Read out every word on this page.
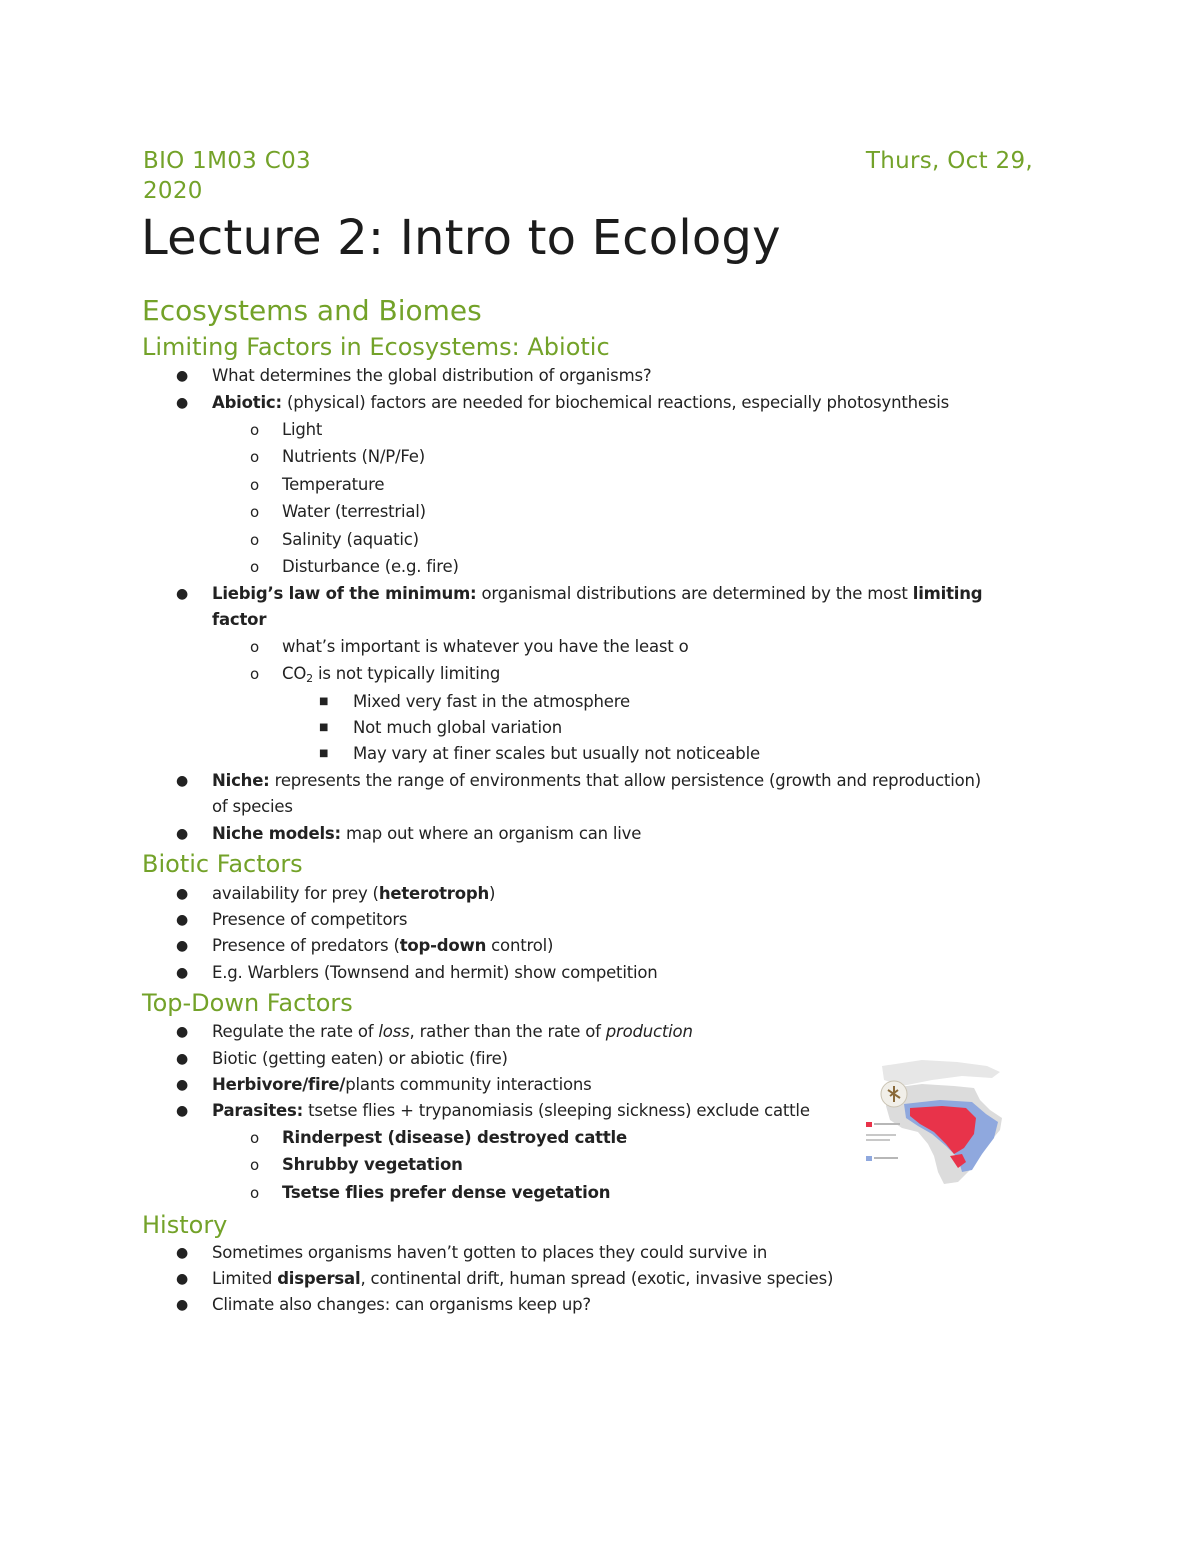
BIO 1M03 C03	Thurs, Oct 29,
2020
Lecture 2: Intro to Ecology
Ecosystems and Biomes
Limiting Factors in Ecosystems: Abiotic
● What determines the global distribution of organisms?
● Abiotic: (physical) factors are needed for biochemical reactions, especially photosynthesis
o Light
o Nutrients (N/P/Fe)
o Temperature
o Water (terrestrial)
o Salinity (aquatic)
o Disturbance (e.g. fire)
● Liebig’s law of the minimum: organismal distributions are determined by the most limiting
factor
o what’s important is whatever you have the least o
o $CO_2$ is not typically limiting
■ Mixed very fast in the atmosphere
■ Not much global variation
■ May vary at finer scales but usually not noticeable
● Niche: represents the range of environments that allow persistence (growth and reproduction)
of species
● Niche models: map out where an organism can live
Biotic Factors
● availability for prey (heterotroph)
● Presence of competitors
● Presence of predators (top-down control)
● E.g. Warblers (Townsend and hermit) show competition
Top-Down Factors
● Regulate the rate of loss, rather than the rate of production
● Biotic (getting eaten) or abiotic (fire)
● Herbivore/fire/plants community interactions
● Parasites: tsetse flies + trypanomiasis (sleeping sickness) exclude cattle
o Rinderpest (disease) destroyed cattle
o Shrubby vegetation
o Tsetse flies prefer dense vegetation
History
● Sometimes organisms haven’t gotten to places they could survive in
● Limited dispersal, continental drift, human spread (exotic, invasive species)
● Climate also changes: can organisms keep up?
